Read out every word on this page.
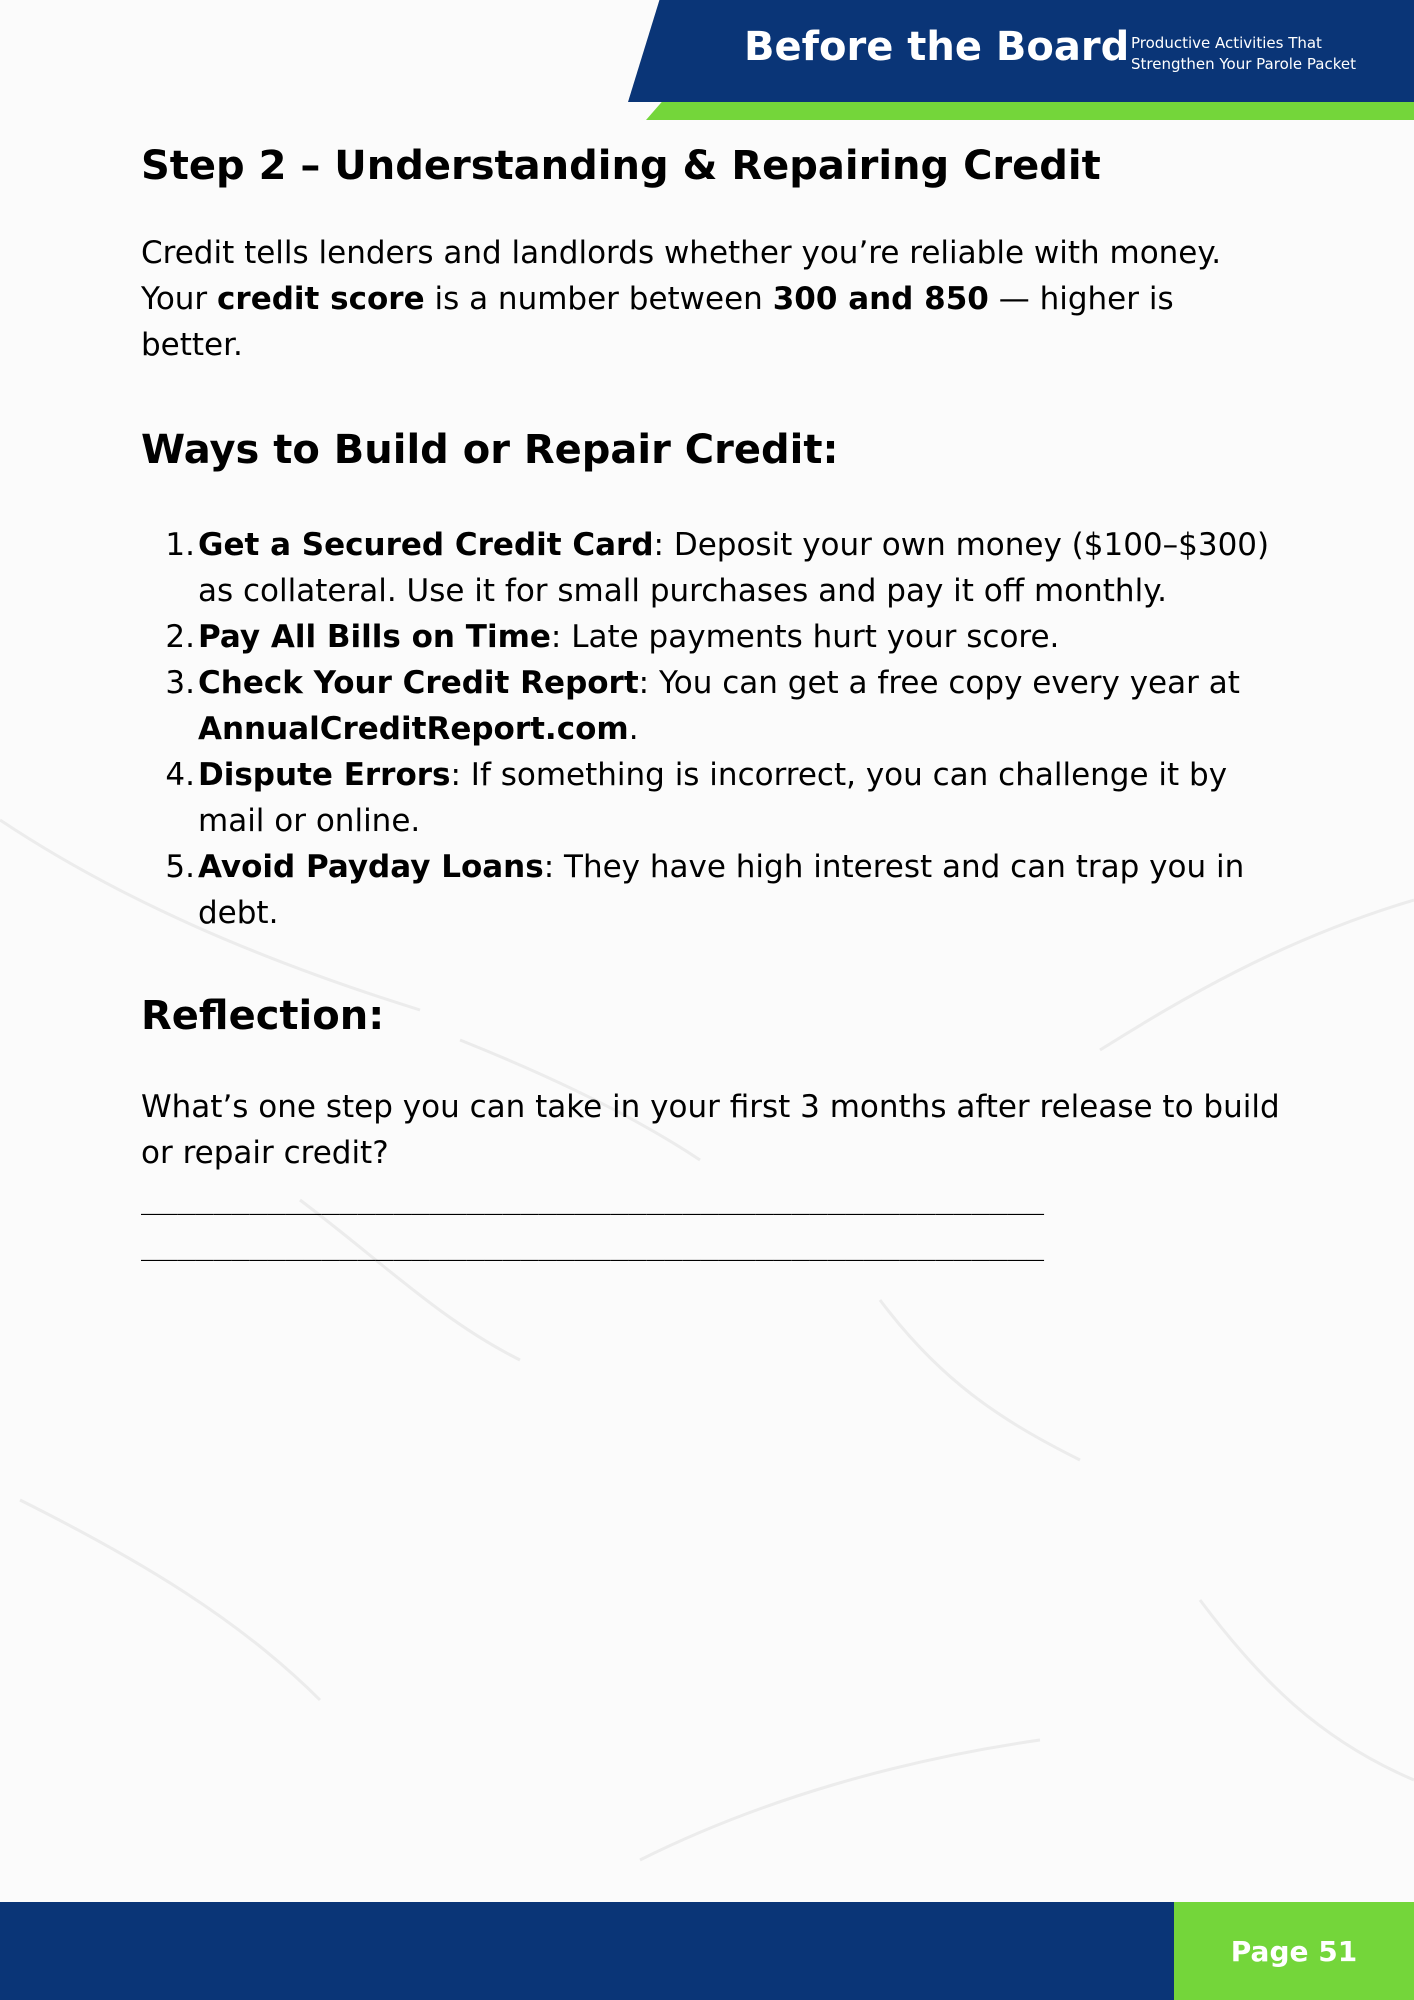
Before the Board Productive Activities That
Strengthen Your Parole Packet
Step 2 – Understanding & Repairing Credit

Credit tells lenders and landlords whether you’re reliable with money.

Your credit score is a number between 300 and 850 — higher is better.

Ways to Build or Repair Credit:
1. Get a Secured Credit Card: Deposit your own money ($100–$300) as collateral. Use it for small purchases and pay it off monthly.
2. Pay All Bills on Time: Late payments hurt your score.
3. Check Your Credit Report: You can get a free copy every year at AnnualCreditReport.com.
4. Dispute Errors: If something is incorrect, you can challenge it by mail or online.
5. Avoid Payday Loans: They have high interest and can trap you in debt.
Reflection:

What’s one step you can take in your first 3 months after release to build or repair credit?

__________________________________________________
__________________________________________________
Page 51
